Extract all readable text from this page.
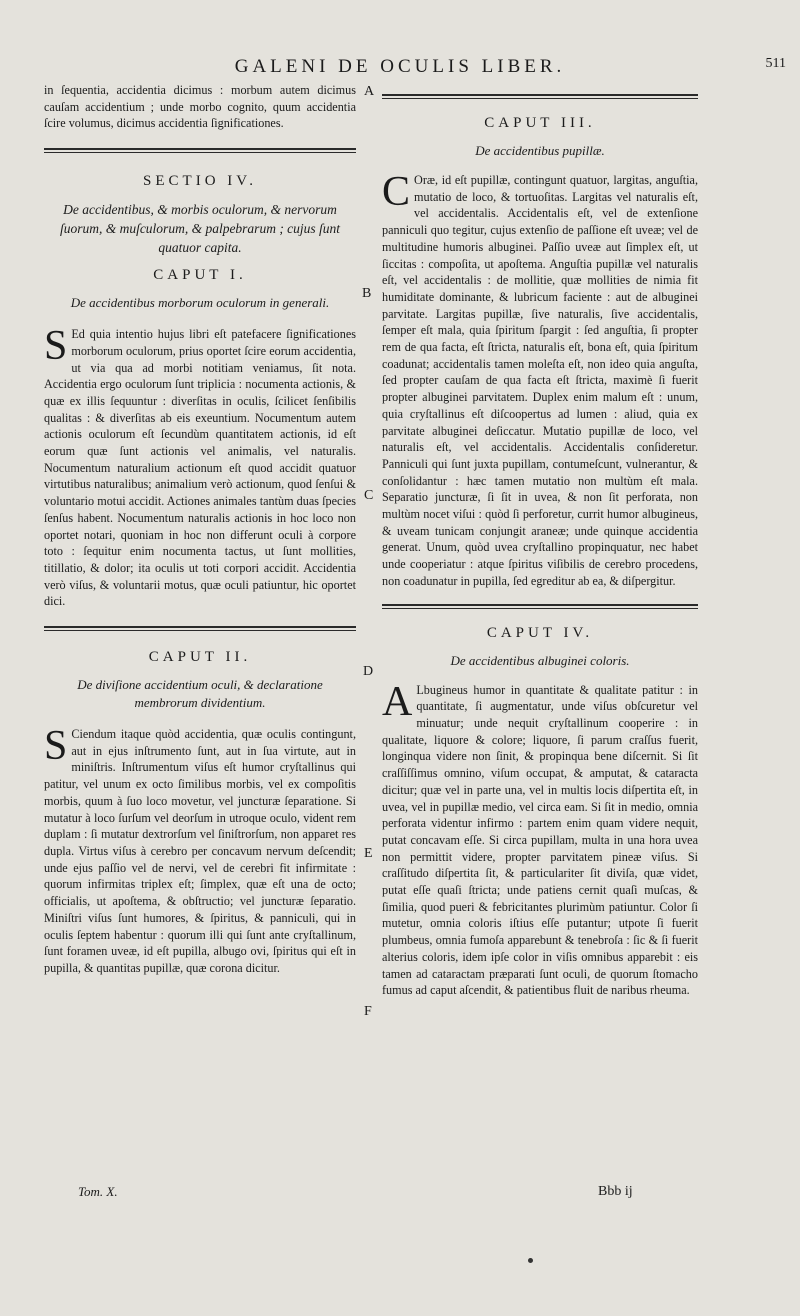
GALENI DE OCULIS LIBER.	511

in ſequentia, accidentia dicimus : morbum autem dicimus cauſam accidentium ; unde morbo cognito, quum accidentia ſcire volumus, dicimus accidentia ſignificationes.

SECTIO IV.
De accidentibus, & morbis oculorum, & nervorum ſuorum, & muſculorum, & palpebrarum ; cujus ſunt quatuor capita.
CAPUT I.
De accidentibus morborum oculorum in generali.

S Ed quia intentio hujus libri eſt patefacere ſignificationes morborum oculorum, prius oportet ſcire eorum accidentia, ut via qua ad morbi notitiam veniamus, ſit nota. Accidentia ergo oculorum ſunt triplicia : nocumenta actionis, & quæ ex illis ſequuntur : diverſitas in oculis, ſcilicet ſenſibilis qualitas : & diverſitas ab eis exeuntium. Nocumentum autem actionis oculorum eſt ſecundùm quantitatem actionis, id eſt eorum quæ ſunt actionis vel animalis, vel naturalis. Nocumentum naturalium actionum eſt quod accidit quatuor virtutibus naturalibus; animalium verò actionum, quod ſenſui & voluntario motui accidit. Actiones animales tantùm duas ſpecies ſenſus habent. Nocumentum naturalis actionis in hoc loco non oportet notari, quoniam in hoc non differunt oculi à corpore toto : ſequitur enim nocumenta tactus, ut ſunt mollities, titillatio, & dolor; ita oculis ut toti corpori accidit. Accidentia verò viſus, & voluntarii motus, quæ oculi patiuntur, hic oportet dici.

CAPUT II.
De diviſione accidentium oculi, & declaratione membrorum dividentium.

S Ciendum itaque quòd accidentia, quæ oculis contingunt, aut in ejus inſtrumento ſunt, aut in ſua virtute, aut in miniſtris. Inſtrumentum viſus eſt humor cryſtallinus qui patitur, vel unum ex octo ſimilibus morbis, vel ex compoſitis morbis, quum à ſuo loco movetur, vel juncturæ ſeparatione. Si mutatur à loco ſurſum vel deorſum in utroque oculo, vident rem duplam : ſi mutatur dextrorſum vel ſiniſtrorſum, non apparet res dupla. Virtus viſus à cerebro per concavum nervum deſcendit; unde ejus paſſio vel de nervi, vel de cerebri fit infirmitate : quorum infirmitas triplex eſt; ſimplex, quæ eſt una de octo; officialis, ut apoſtema, & obſtructio; vel juncturæ ſeparatio. Miniſtri viſus ſunt humores, & ſpiritus, & panniculi, qui in oculis ſeptem habentur : quorum illi qui ſunt ante cryſtallinum, ſunt foramen uveæ, id eſt pupilla, albugo ovi, ſpiritus qui eſt in pupilla, & quantitas pupillæ, quæ corona dicitur.

A
B
C
D
E
F
CAPUT III.
De accidentibus pupillæ.

C Oræ, id eſt pupillæ, contingunt quatuor, largitas, anguſtia, mutatio de loco, & tortuoſitas. Largitas vel naturalis eſt, vel accidentalis. Accidentalis eſt, vel de extenſione panniculi quo tegitur, cujus extenſio de paſſione eſt uveæ; vel de multitudine humoris albuginei. Paſſio uveæ aut ſimplex eſt, ut ſiccitas : compoſita, ut apoſtema. Anguſtia pupillæ vel naturalis eſt, vel accidentalis : de mollitie, quæ mollities de nimia fit humiditate dominante, & lubricum faciente : aut de albuginei parvitate. Largitas pupillæ, ſive naturalis, ſive accidentalis, ſemper eſt mala, quia ſpiritum ſpargit : ſed anguſtia, ſi propter rem de qua facta, eſt ſtricta, naturalis eſt, bona eſt, quia ſpiritum coadunat; accidentalis tamen moleſta eſt, non ideo quia anguſta, ſed propter cauſam de qua facta eſt ſtricta, maximè ſi fuerit propter albuginei parvitatem. Duplex enim malum eſt : unum, quia cryſtallinus eſt diſcoopertus ad lumen : aliud, quia ex parvitate albuginei deſiccatur. Mutatio pupillæ de loco, vel naturalis eſt, vel accidentalis. Accidentalis conſideretur. Panniculi qui ſunt juxta pupillam, contumeſcunt, vulnerantur, & conſolidantur : hæc tamen mutatio non multùm eſt mala. Separatio juncturæ, ſi ſit in uvea, & non ſit perforata, non multùm nocet viſui : quòd ſi perforetur, currit humor albugineus, & uveam tunicam conjungit araneæ; unde quinque accidentia generat. Unum, quòd uvea cryſtallino propinquatur, nec habet unde cooperiatur : atque ſpiritus viſibilis de cerebro procedens, non coadunatur in pupilla, ſed egreditur ab ea, & diſpergitur.

CAPUT IV.
De accidentibus albuginei coloris.

A Lbugineus humor in quantitate & qualitate patitur : in quantitate, ſi augmentatur, unde viſus obſcuretur vel minuatur; unde nequit cryſtallinum cooperire : in qualitate, liquore & colore; liquore, ſi parum craſſus fuerit, longinqua videre non ſinit, & propinqua bene diſcernit. Si ſit craſſiſſimus omnino, viſum occupat, & amputat, & cataracta dicitur; quæ vel in parte una, vel in multis locis diſpertita eſt, in uvea, vel in pupillæ medio, vel circa eam. Si ſit in medio, omnia perforata videntur infirmo : partem enim quam videre nequit, putat concavam eſſe. Si circa pupillam, multa in una hora uvea non permittit videre, propter parvitatem pineæ viſus. Si craſſitudo diſpertita ſit, & particulariter ſit diviſa, quæ videt, putat eſſe quaſi ſtricta; unde patiens cernit quaſi muſcas, & ſimilia, quod pueri & febricitantes plurimùm patiuntur. Color ſi mutetur, omnia coloris iſtius eſſe putantur; utpote ſi fuerit plumbeus, omnia fumoſa apparebunt & tenebroſa : ſic & ſi fuerit alterius coloris, idem ipſe color in viſis omnibus apparebit : eis tamen ad cataractam præparati ſunt oculi, de quorum ſtomacho fumus ad caput aſcendit, & patientibus fluit de naribus rheuma.

Tom. X.	Bbb ij
